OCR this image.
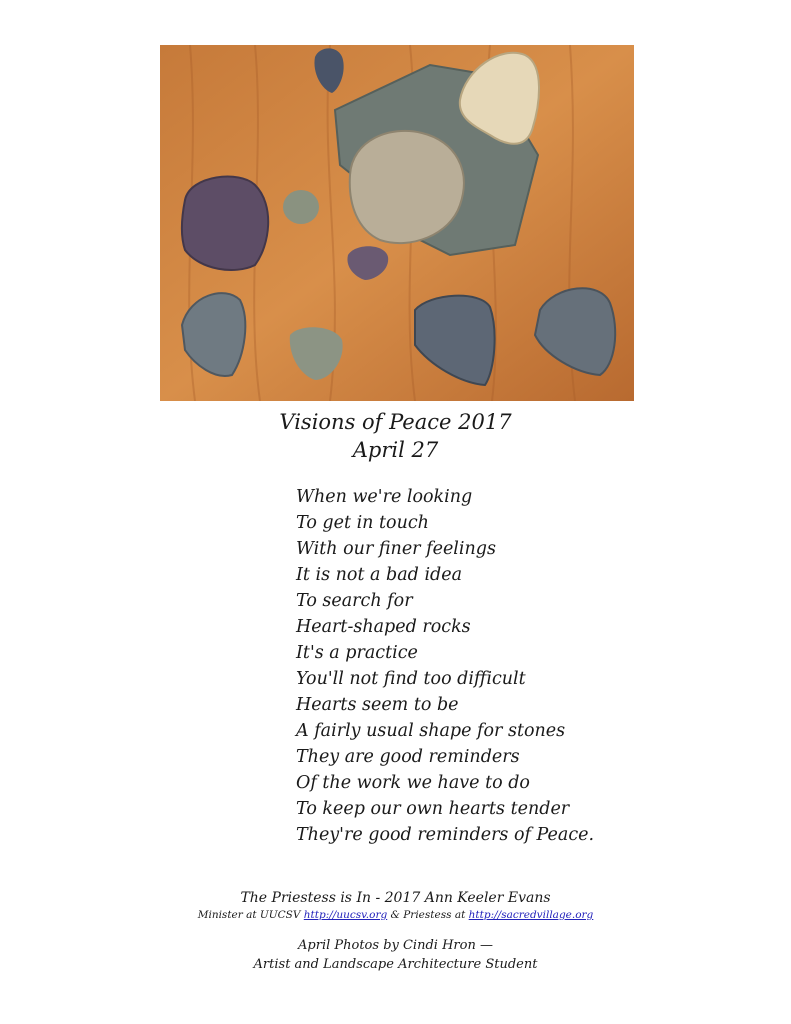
Visions of Peace 2017

April 27

When we're looking
To get in touch
With our finer feelings
It is not a bad idea
To search for
Heart-shaped rocks
It's a practice
You'll not find too difficult
Hearts seem to be
A fairly usual shape for stones
They are good reminders
Of the work we have to do
To keep our own hearts tender
They're good reminders of Peace.

The Priestess is In - 2017 Ann Keeler Evans

Minister at UUCSV http://uucsv.org & Priestess at http://sacredvillage.org

April Photos by Cindi Hron —

Artist and Landscape Architecture Student
